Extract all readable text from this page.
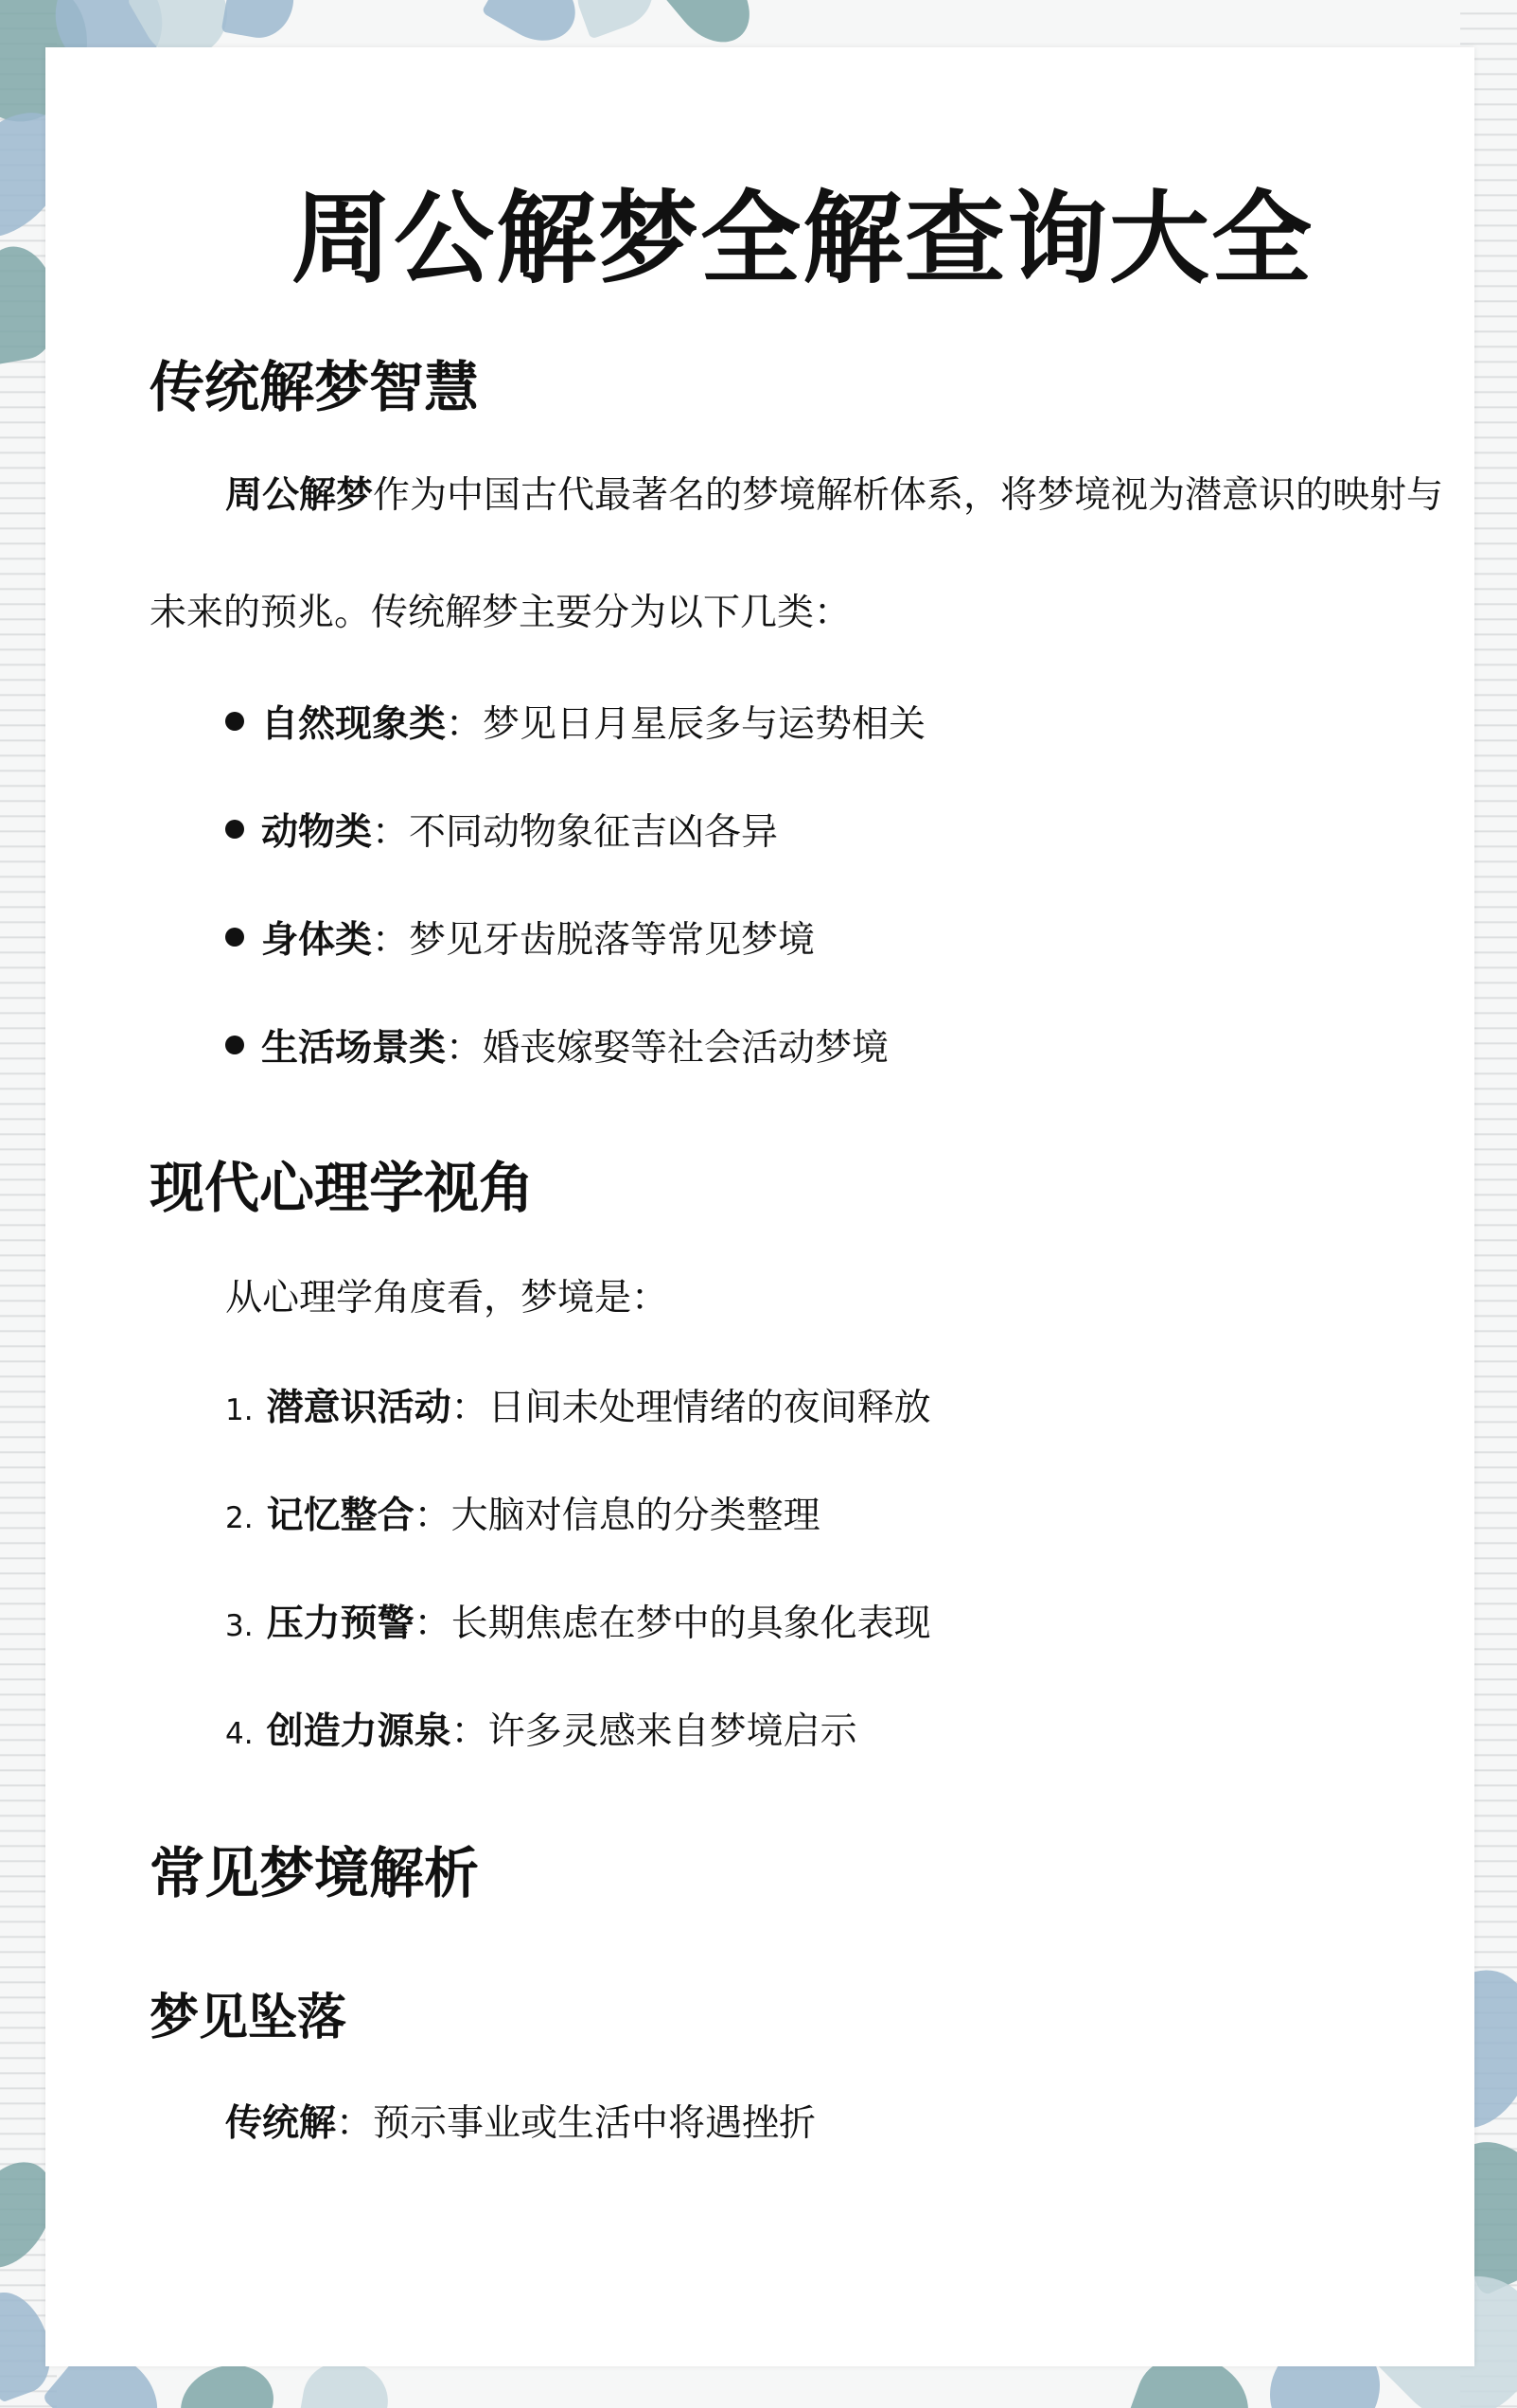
周公解梦全解查询大全
传统解梦智慧

周公解梦作为中国古代最著名的梦境解析体系，将梦境视为潜意识的映射与未来的预兆。传统解梦主要分为以下几类：

自然现象类：梦见日月星辰多与运势相关
动物类：不同动物象征吉凶各异
身体类：梦见牙齿脱落等常见梦境
生活场景类：婚丧嫁娶等社会活动梦境
现代心理学视角
从心理学角度看，梦境是：
1. 潜意识活动：日间未处理情绪的夜间释放
2. 记忆整合：大脑对信息的分类整理
3. 压力预警：长期焦虑在梦中的具象化表现
4. 创造力源泉：许多灵感来自梦境启示
常见梦境解析
梦见坠落
传统解：预示事业或生活中将遇挫折
